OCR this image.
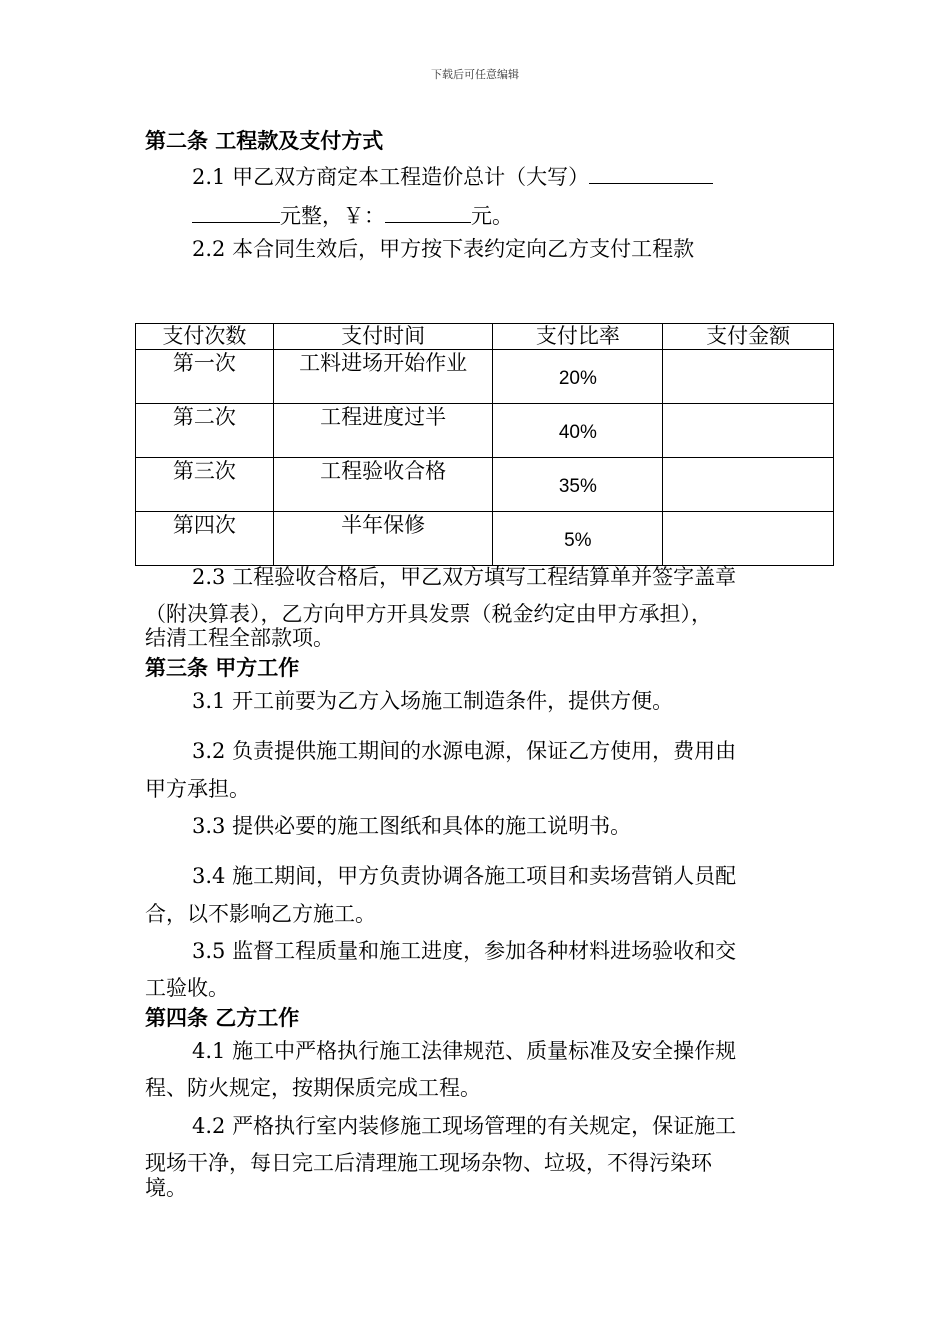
下载后可任意编辑
第二条 工程款及支付方式
2.1 甲乙双方商定本工程造价总计（大写）
元整，￥：	元。
2.2 本合同生效后，甲方按下表约定向乙方支付工程款
支付次数	支付时间	支付比率	支付金额
第一次	工料进场开始作业	20%	
第二次	工程进度过半	40%	
第三次	工程验收合格	35%	
第四次	半年保修	5%	
2.3 工程验收合格后，甲乙双方填写工程结算单并签字盖章
（附决算表），乙方向甲方开具发票（税金约定由甲方承担），
结清工程全部款项。
第三条 甲方工作
3.1 开工前要为乙方入场施工制造条件，提供方便。
3.2 负责提供施工期间的水源电源，保证乙方使用，费用由
甲方承担。
3.3 提供必要的施工图纸和具体的施工说明书。
3.4 施工期间，甲方负责协调各施工项目和卖场营销人员配
合，以不影响乙方施工。
3.5 监督工程质量和施工进度，参加各种材料进场验收和交
工验收。
第四条 乙方工作
4.1 施工中严格执行施工法律规范、质量标准及安全操作规
程、防火规定，按期保质完成工程。
4.2 严格执行室内装修施工现场管理的有关规定，保证施工
现场干净，每日完工后清理施工现场杂物、垃圾，不得污染环
境。
